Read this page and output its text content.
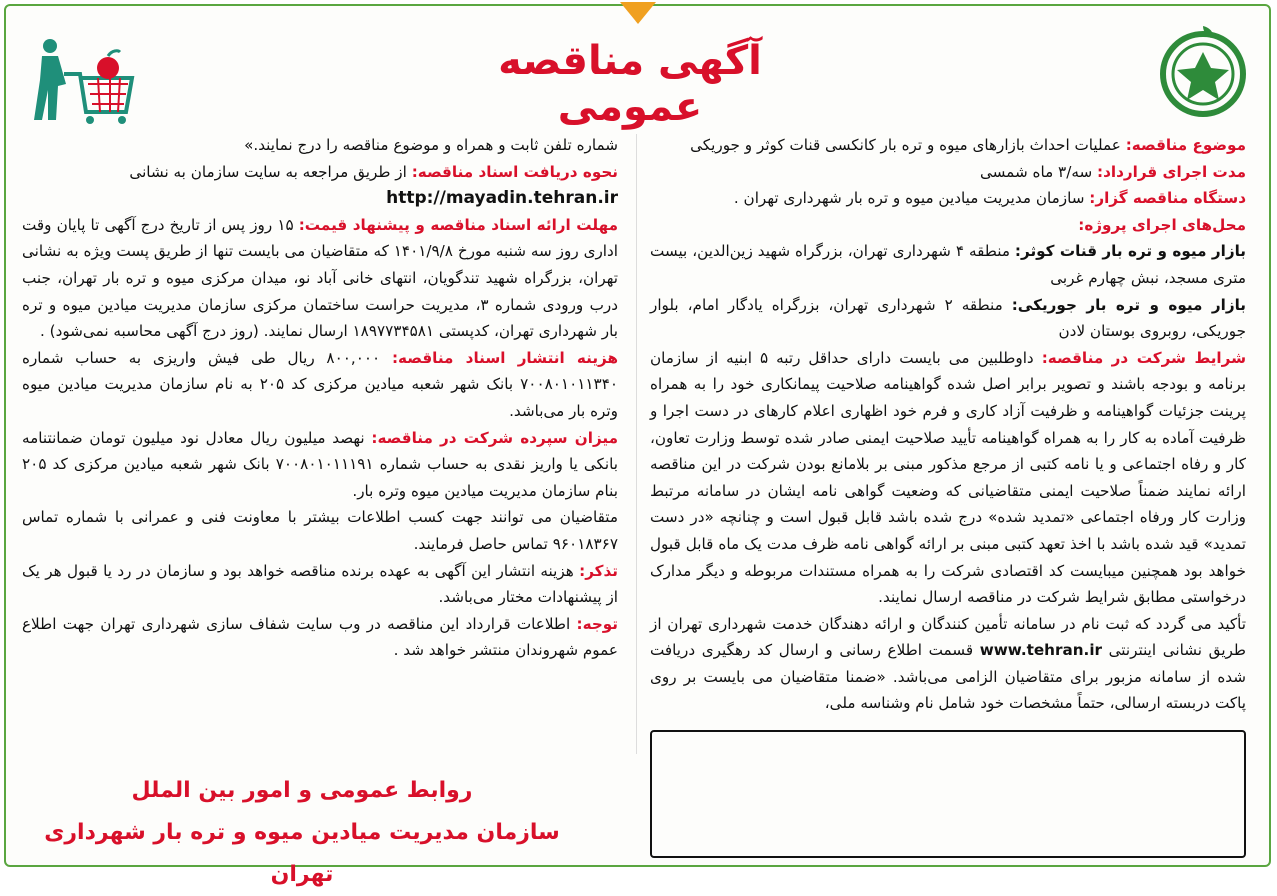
آگهی مناقصه عمومی

موضوع مناقصه: عملیات احداث بازارهای میوه و تره بار کانکسی قنات کوثر و جوریکی

مدت اجرای قرارداد: سه/۳ ماه شمسی

دستگاه مناقصه گزار: سازمان مدیریت میادین میوه و تره بار شهرداری تهران .

محل‌های اجرای پروژه:

بازار میوه و تره بار قنات کوثر: منطقه ۴ شهرداری تهران، بزرگراه شهید زین‌الدین، بیست متری مسجد، نبش چهارم غربی

بازار میوه و تره بار جوریکی: منطقه ۲ شهرداری تهران، بزرگراه یادگار امام، بلوار جوریکی، روبروی بوستان لادن

شرایط شرکت در مناقصه: داوطلبین می بایست دارای حداقل رتبه ۵ ابنیه از سازمان برنامه و بودجه باشند و تصویر برابر اصل شده گواهینامه صلاحیت پیمانکاری خود را به همراه پرینت جزئیات گواهینامه و ظرفیت آزاد کاری و فرم خود اظهاری اعلام کارهای در دست اجرا و ظرفیت آماده به کار را به همراه گواهینامه تأیید صلاحیت ایمنی صادر شده توسط وزارت تعاون، کار و رفاه اجتماعی و یا نامه کتبی از مرجع مذکور مبنی بر بلامانع بودن شرکت در این مناقصه ارائه نمایند ضمناً صلاحیت ایمنی متقاضیانی که وضعیت گواهی نامه ایشان در سامانه مرتبط وزارت کار ورفاه اجتماعی «تمدید شده» درج شده باشد قابل قبول است و چنانچه «در دست تمدید» قید شده باشد با اخذ تعهد کتبی مبنی بر ارائه گواهی نامه ظرف مدت یک ماه قابل قبول خواهد بود همچنین میبایست کد اقتصادی شرکت را به همراه مستندات مربوطه و دیگر مدارک درخواستی مطابق شرایط شرکت در مناقصه ارسال نمایند.

تأکید می گردد که ثبت نام در سامانه تأمین کنندگان و ارائه دهندگان خدمت شهرداری تهران از طریق نشانی اینترنتی www.tehran.ir قسمت اطلاع رسانی و ارسال کد رهگیری دریافت شده از سامانه مزبور برای متقاضیان الزامی می‌باشد. «ضمنا متقاضیان می بایست بر روی پاکت دربسته ارسالی، حتماً مشخصات خود شامل نام وشناسه ملی،

شماره تلفن ثابت و همراه و موضوع مناقصه را درج نمایند.»

نحوه دریافت اسناد مناقصه: از طریق مراجعه به سایت سازمان به نشانی

http://mayadin.tehran.ir

مهلت ارائه اسناد مناقصه و پیشنهاد قیمت: ۱۵ روز پس از تاریخ درج آگهی تا پایان وقت اداری روز سه شنبه مورخ ۱۴۰۱/۹/۸ که متقاضیان می بایست تنها از طریق پست ویژه به نشانی تهران، بزرگراه شهید تندگویان، انتهای خانی آباد نو، میدان مرکزی میوه و تره بار تهران، جنب درب ورودی شماره ۳، مدیریت حراست ساختمان مرکزی سازمان مدیریت میادین میوه و تره بار شهرداری تهران، کدپستی ۱۸۹۷۷۳۴۵۸۱ ارسال نمایند. (روز درج آگهی محاسبه نمی‌شود) .

هزینه انتشار اسناد مناقصه: ۸۰۰,۰۰۰ ریال طی فیش واریزی به حساب شماره ۷۰۰۸۰۱۰۱۱۳۴۰ بانک شهر شعبه میادین مرکزی کد ۲۰۵ به نام سازمان مدیریت میادین میوه وتره بار می‌باشد.

میزان سپرده شرکت در مناقصه: نهصد میلیون ریال معادل نود میلیون تومان ضمانتنامه بانکی یا واریز نقدی به حساب شماره ۷۰۰۸۰۱۰۱۱۱۹۱ بانک شهر شعبه میادین مرکزی کد ۲۰۵ بنام سازمان مدیریت میادین میوه وتره بار.

متقاضیان می توانند جهت کسب اطلاعات بیشتر با معاونت فنی و عمرانی با شماره تماس ۹۶۰۱۸۳۶۷ تماس حاصل فرمایند.

تذکر: هزینه انتشار این آگهی به عهده برنده مناقصه خواهد بود و سازمان در رد یا قبول هر یک از پیشنهادات مختار می‌باشد.

توجه: اطلاعات قرارداد این مناقصه در وب سایت شفاف سازی شهرداری تهران جهت اطلاع عموم شهروندان منتشر خواهد شد .

روابط عمومی و امور بین الملل
سازمان مدیریت میادین میوه و تره بار شهرداری تهران
